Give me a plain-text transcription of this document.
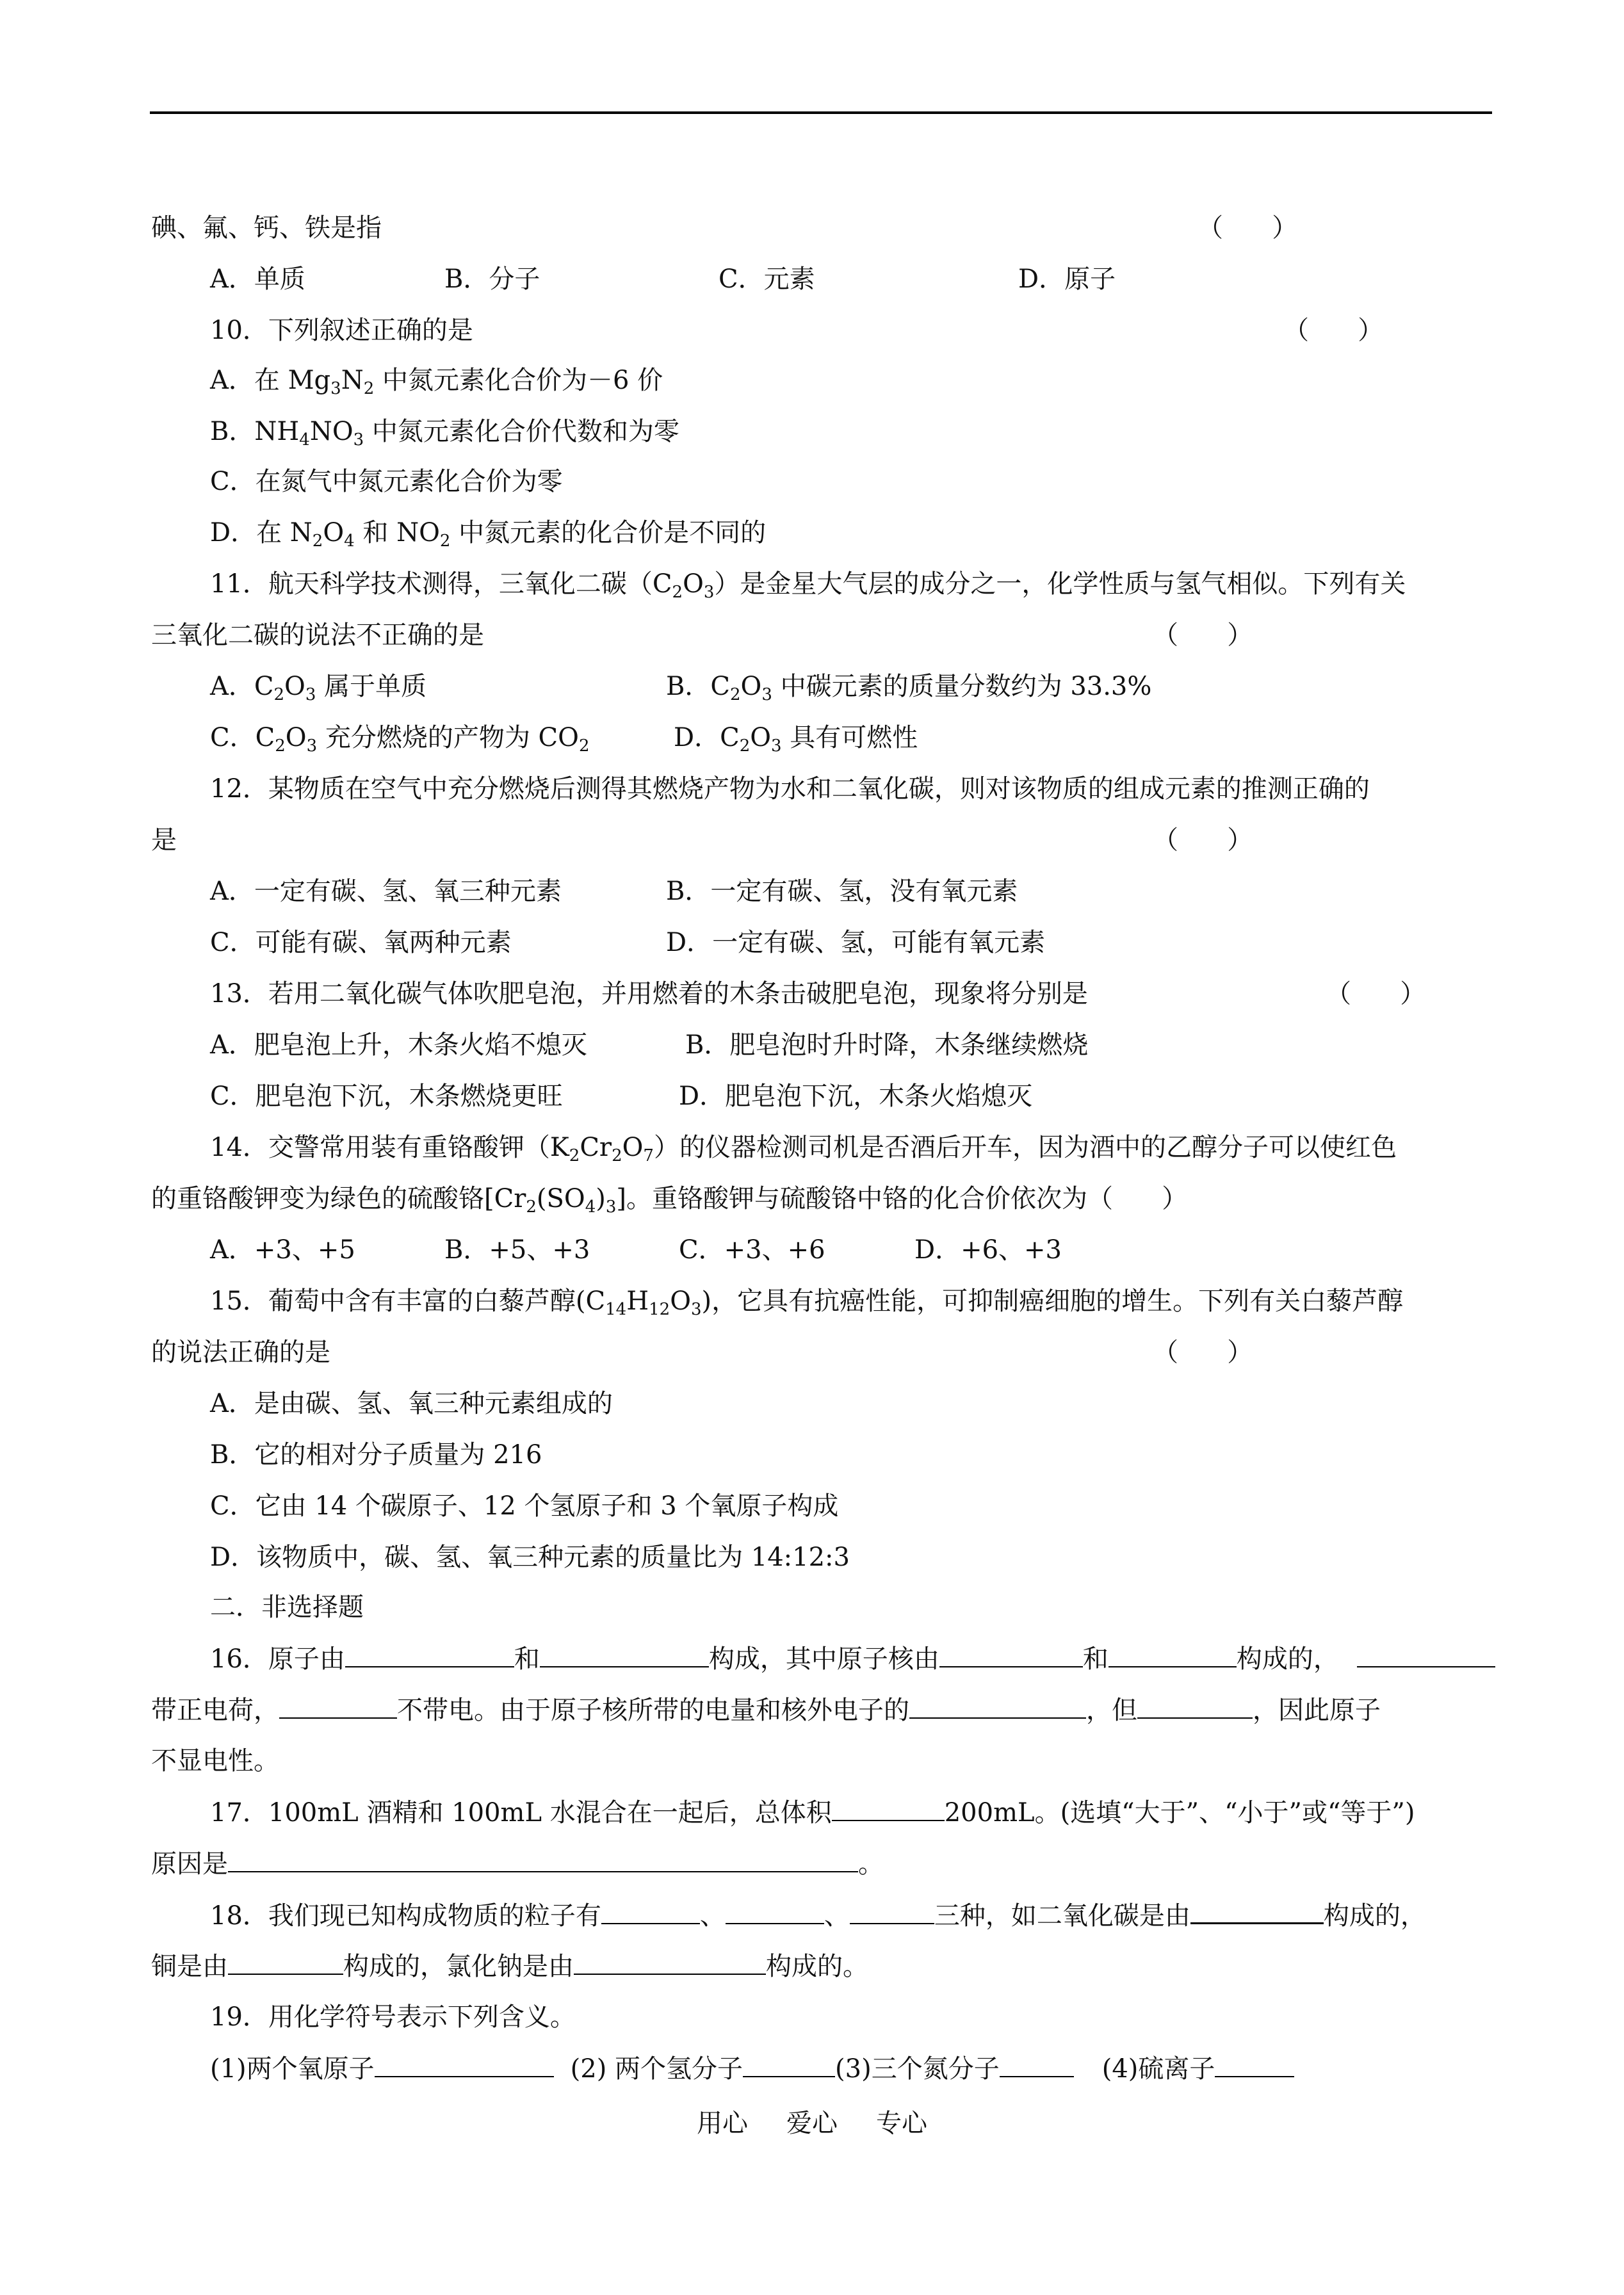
碘、氟、钙、铁是指	（      ）
A．单质	B．分子	C．元素	D．原子
10．下列叙述正确的是	（      ）
A．在 $Mg_3N_2$ 中氮元素化合价为－6 价
B．$NH_4NO_3$ 中氮元素化合价代数和为零
C．在氮气中氮元素化合价为零
D．在 $N_2O_4$ 和 $NO_2$ 中氮元素的化合价是不同的
11．航天科学技术测得，三氧化二碳$(C_2O_3)$是金星大气层的成分之一，化学性质与氢气相似。下列有关
三氧化二碳的说法不正确的是	（      ）
A．$C_2O_3$ 属于单质	B．$C_2O_3$ 中碳元素的质量分数约为 33.3%
C．$C_2O_3$ 充分燃烧的产物为 $CO_2$	D．$C_2O_3$ 具有可燃性
12．某物质在空气中充分燃烧后测得其燃烧产物为水和二氧化碳，则对该物质的组成元素的推测正确的
是	（      ）
A．一定有碳、氢、氧三种元素	B．一定有碳、氢，没有氧元素
C．可能有碳、氧两种元素	D．一定有碳、氢，可能有氧元素
13．若用二氧化碳气体吹肥皂泡，并用燃着的木条击破肥皂泡，现象将分别是	（      ）
A．肥皂泡上升，木条火焰不熄灭	B．肥皂泡时升时降，木条继续燃烧
C．肥皂泡下沉，木条燃烧更旺	D．肥皂泡下沉，木条火焰熄灭
14．交警常用装有重铬酸钾$(K_2Cr_2O_7)$的仪器检测司机是否酒后开车，因为酒中的乙醇分子可以使红色
的重铬酸钾变为绿色的硫酸铬$[Cr_2(SO_4)_3]$。重铬酸钾与硫酸铬中铬的化合价依次为（      ）
A．+3、+5	B．+5、+3	C．+3、+6	D．+6、+3
15．葡萄中含有丰富的白藜芦醇$(C_{14}H_{12}O_3)$，它具有抗癌性能，可抑制癌细胞的增生。下列有关白藜芦醇
的说法正确的是	（      ）
A．是由碳、氢、氧三种元素组成的
B．它的相对分子质量为 216
C．它由 14 个碳原子、12 个氢原子和 3 个氧原子构成
D．该物质中，碳、氢、氧三种元素的质量比为 14:12:3
二．非选择题
16．原子由	和	构成，其中原子核由	和	构成的，
带正电荷，	不带电。由于原子核所带的电量和核外电子的	，但	，因此原子
不显电性。
17．100mL 酒精和 100mL 水混合在一起后，总体积	200mL。(选填“大于”、“小于”或“等于”)
原因是	。
18．我们现已知构成物质的粒子有	、	、	三种，如二氧化碳是由	构成的，
铜是由	构成的，氯化钠是由	构成的。
19．用化学符号表示下列含义。
(1)两个氧原子	(2) 两个氢分子	(3)三个氮分子	(4)硫离子
用心 爱心 专心
